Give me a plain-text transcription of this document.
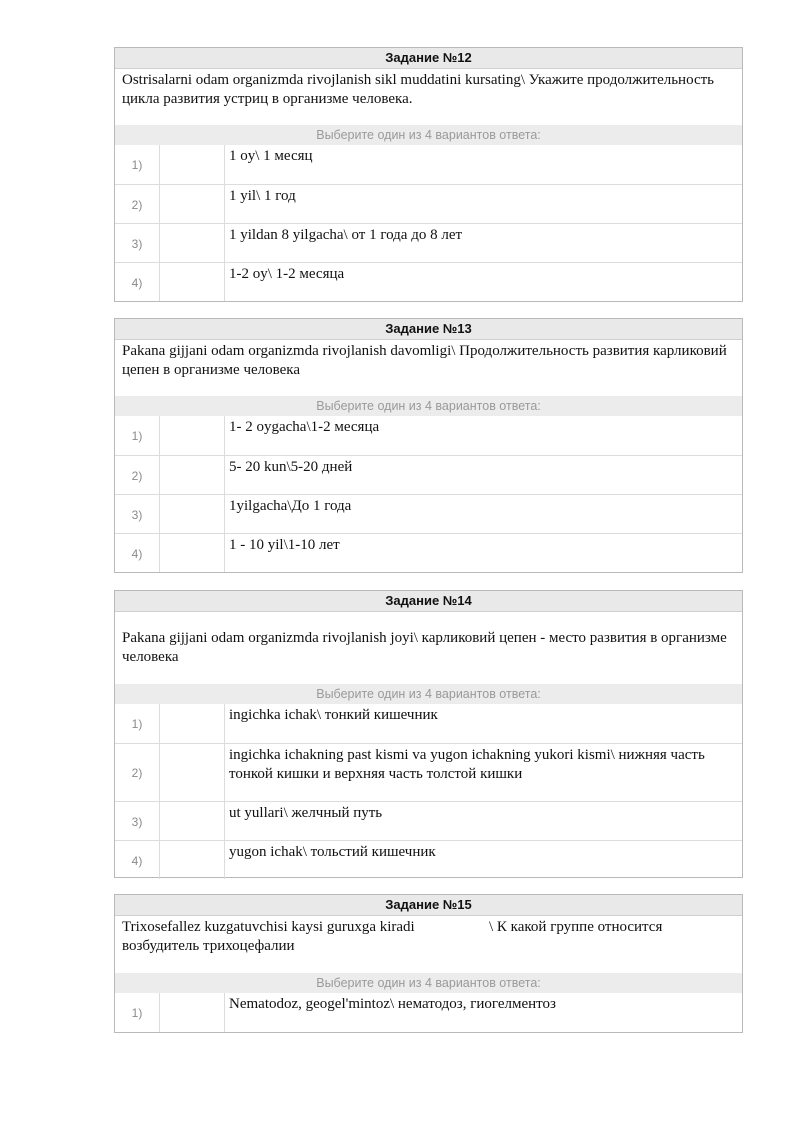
Задание №12
Ostrisalarni odam organizmda rivojlanish sikl muddatini kursating\ Укажите продолжительность цикла развития устриц в организме человека.
Выберите один из 4 вариантов ответа:
1)
1 oy\ 1 месяц
2)
1 yil\ 1 год
3)
1 yildan 8 yilgacha\ от 1 года до 8 лет
4)
1-2 oy\ 1-2 месяца
Задание №13
Pakana gijjani odam organizmda rivojlanish davomligi\ Продолжительность развития карликовий цепен в организме человека
Выберите один из 4 вариантов ответа:
1)
1- 2 oygacha\1-2 месяца
2)
5- 20 kun\5-20 дней
3)
1yilgacha\До 1 года
4)
1 - 10 yil\1-10 лет
Задание №14
Pakana gijjani odam organizmda rivojlanish joyi\ карликовий цепен - место развития в организме человека
Выберите один из 4 вариантов ответа:
1)
ingichka ichak\ тонкий кишечник
2)
ingichka ichakning past kismi va yugon ichakning yukori kismi\ нижняя часть тонкой кишки и верхняя часть толстой кишки
3)
ut yullari\ желчный путь
4)
yugon ichak\ тольстий кишечник
Задание №15
Trixosefallez kuzgatuvchisi kaysi guruxga kiradi	\ К какой группе относится

возбудитель трихоцефалии
Выберите один из 4 вариантов ответа:
1)
Nematodoz, geogel'mintoz\ нематодоз, гиогелментоз
